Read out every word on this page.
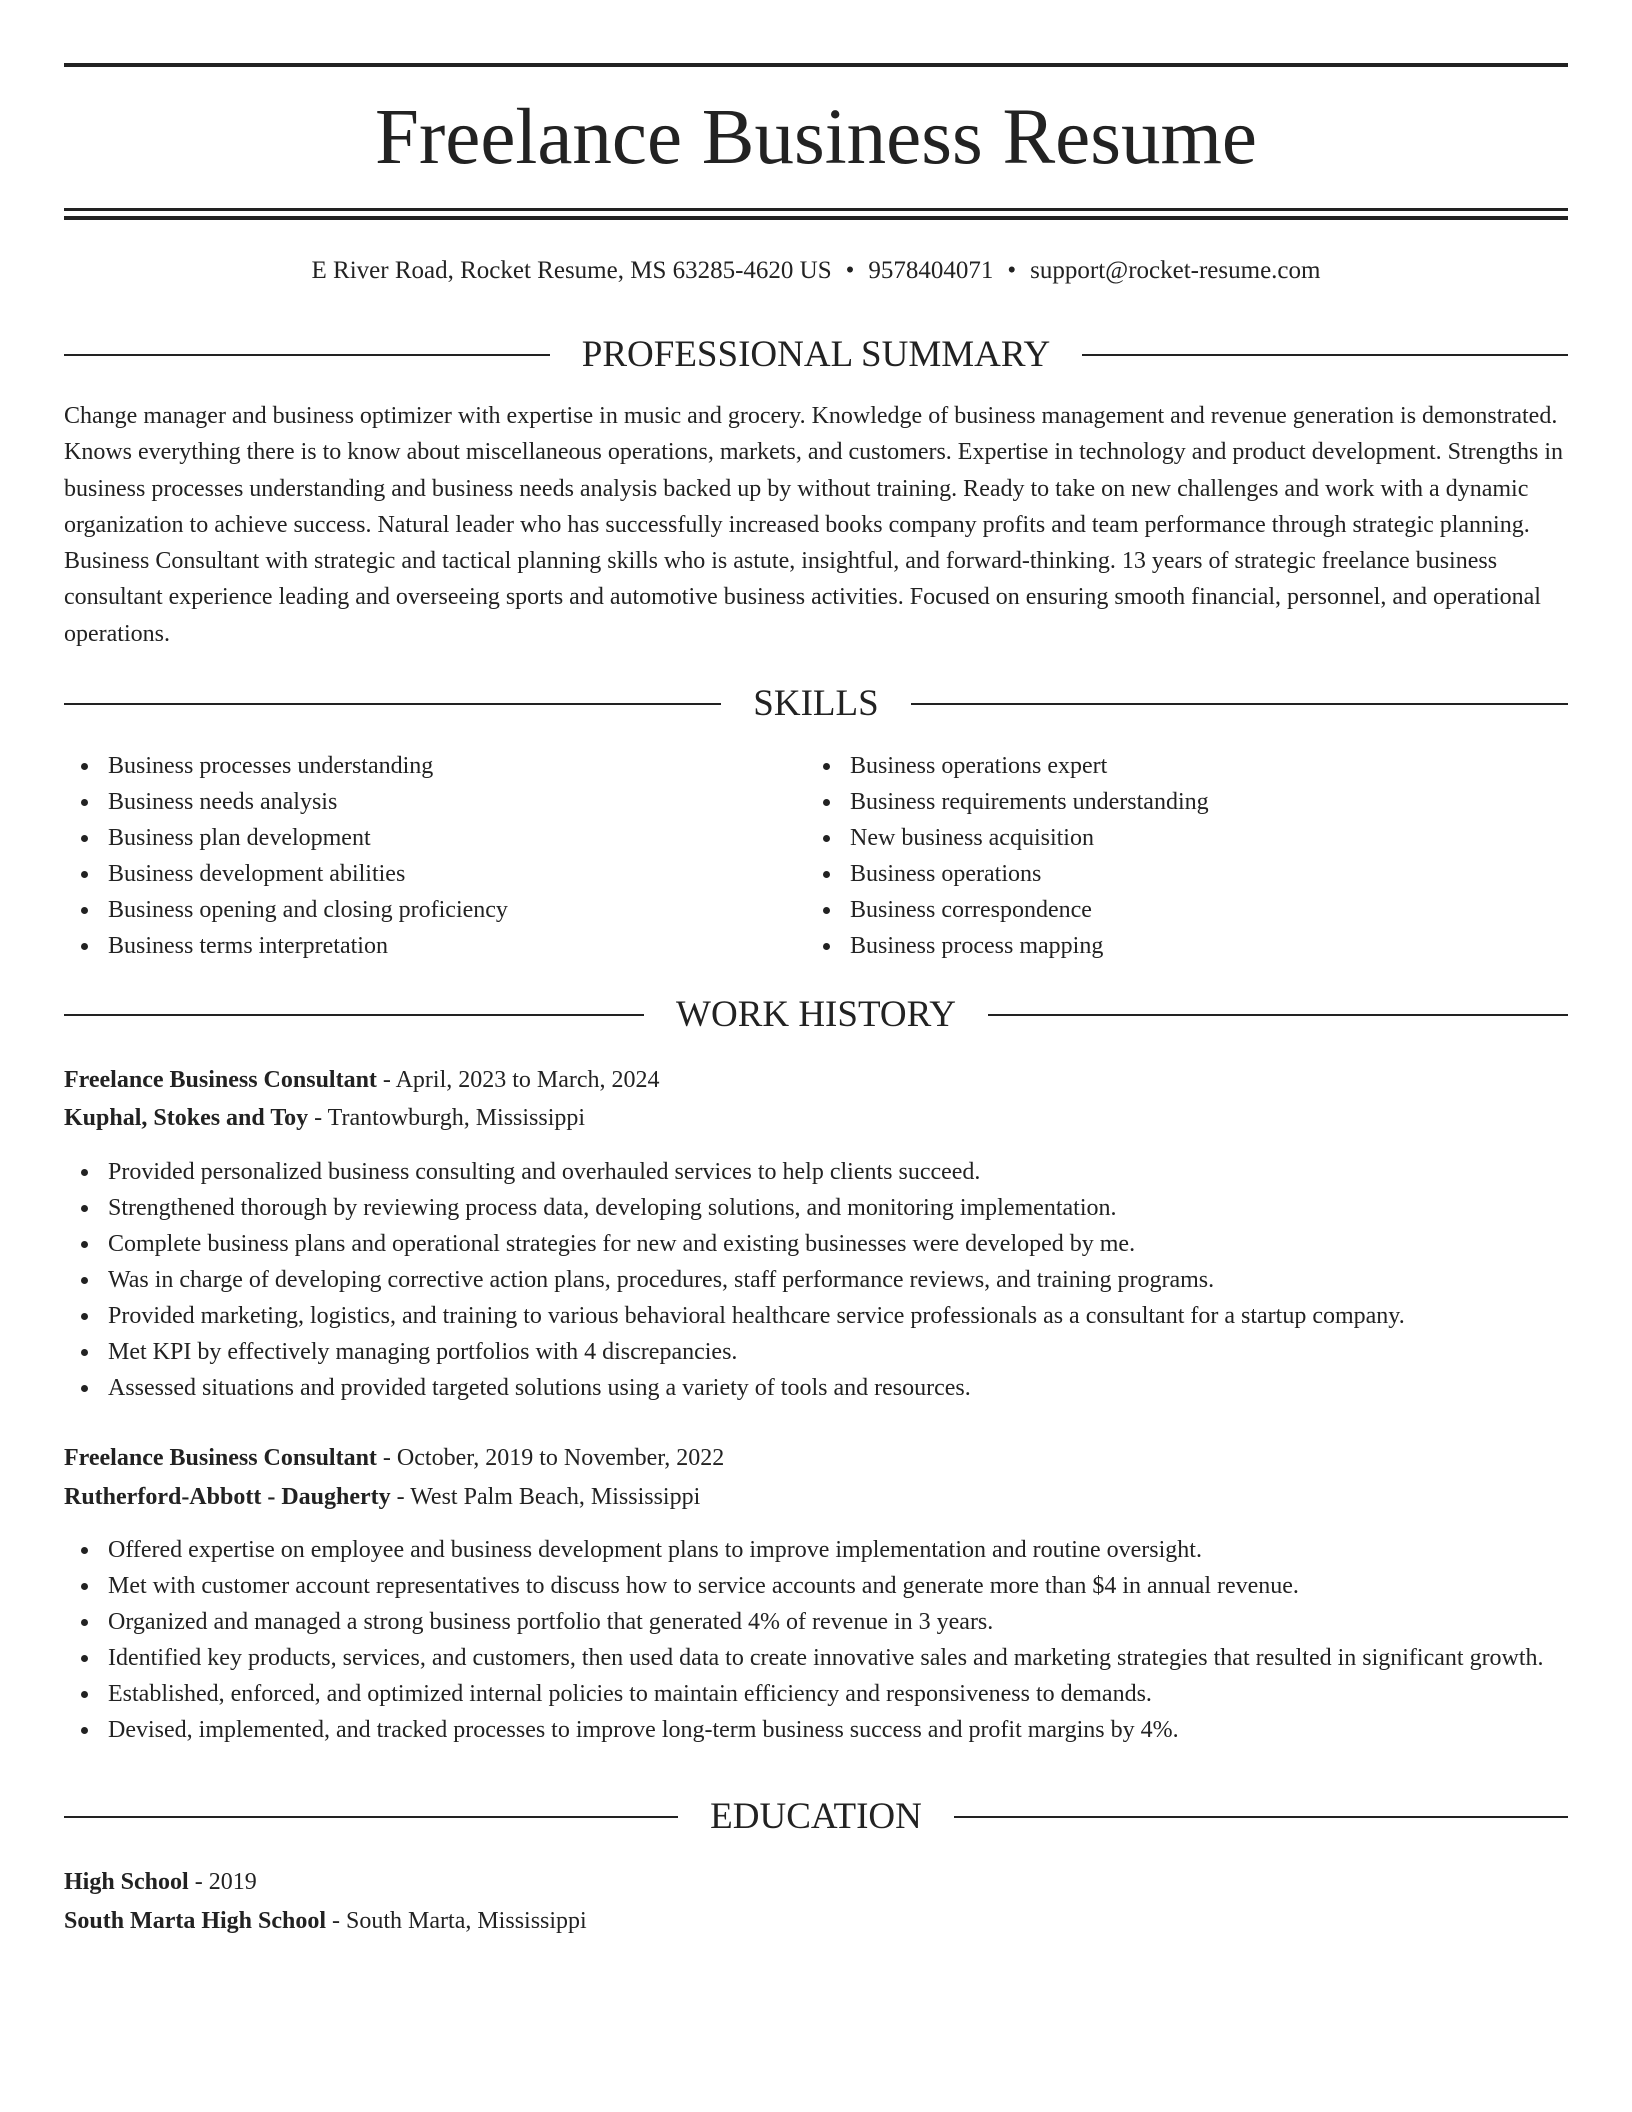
Freelance Business Resume
E River Road, Rocket Resume, MS 63285-4620 US • 9578404071 • support@rocket-resume.com
PROFESSIONAL SUMMARY

Change manager and business optimizer with expertise in music and grocery. Knowledge of business management and revenue generation is demonstrated. Knows everything there is to know about miscellaneous operations, markets, and customers. Expertise in technology and product development. Strengths in business processes understanding and business needs analysis backed up by without training. Ready to take on new challenges and work with a dynamic organization to achieve success. Natural leader who has successfully increased books company profits and team performance through strategic planning. Business Consultant with strategic and tactical planning skills who is astute, insightful, and forward-thinking. 13 years of strategic freelance business consultant experience leading and overseeing sports and automotive business activities. Focused on ensuring smooth financial, personnel, and operational operations.

SKILLS
Business processes understanding
Business needs analysis
Business plan development
Business development abilities
Business opening and closing proficiency
Business terms interpretation
Business operations expert
Business requirements understanding
New business acquisition
Business operations
Business correspondence
Business process mapping
WORK HISTORY
Freelance Business Consultant - April, 2023 to March, 2024
Kuphal, Stokes and Toy - Trantowburgh, Mississippi
Provided personalized business consulting and overhauled services to help clients succeed.
Strengthened thorough by reviewing process data, developing solutions, and monitoring implementation.
Complete business plans and operational strategies for new and existing businesses were developed by me.
Was in charge of developing corrective action plans, procedures, staff performance reviews, and training programs.
Provided marketing, logistics, and training to various behavioral healthcare service professionals as a consultant for a startup company.
Met KPI by effectively managing portfolios with 4 discrepancies.
Assessed situations and provided targeted solutions using a variety of tools and resources.
Freelance Business Consultant - October, 2019 to November, 2022
Rutherford-Abbott - Daugherty - West Palm Beach, Mississippi
Offered expertise on employee and business development plans to improve implementation and routine oversight.
Met with customer account representatives to discuss how to service accounts and generate more than $4 in annual revenue.
Organized and managed a strong business portfolio that generated 4% of revenue in 3 years.
Identified key products, services, and customers, then used data to create innovative sales and marketing strategies that resulted in significant growth.
Established, enforced, and optimized internal policies to maintain efficiency and responsiveness to demands.
Devised, implemented, and tracked processes to improve long-term business success and profit margins by 4%.
EDUCATION
High School - 2019
South Marta High School - South Marta, Mississippi
